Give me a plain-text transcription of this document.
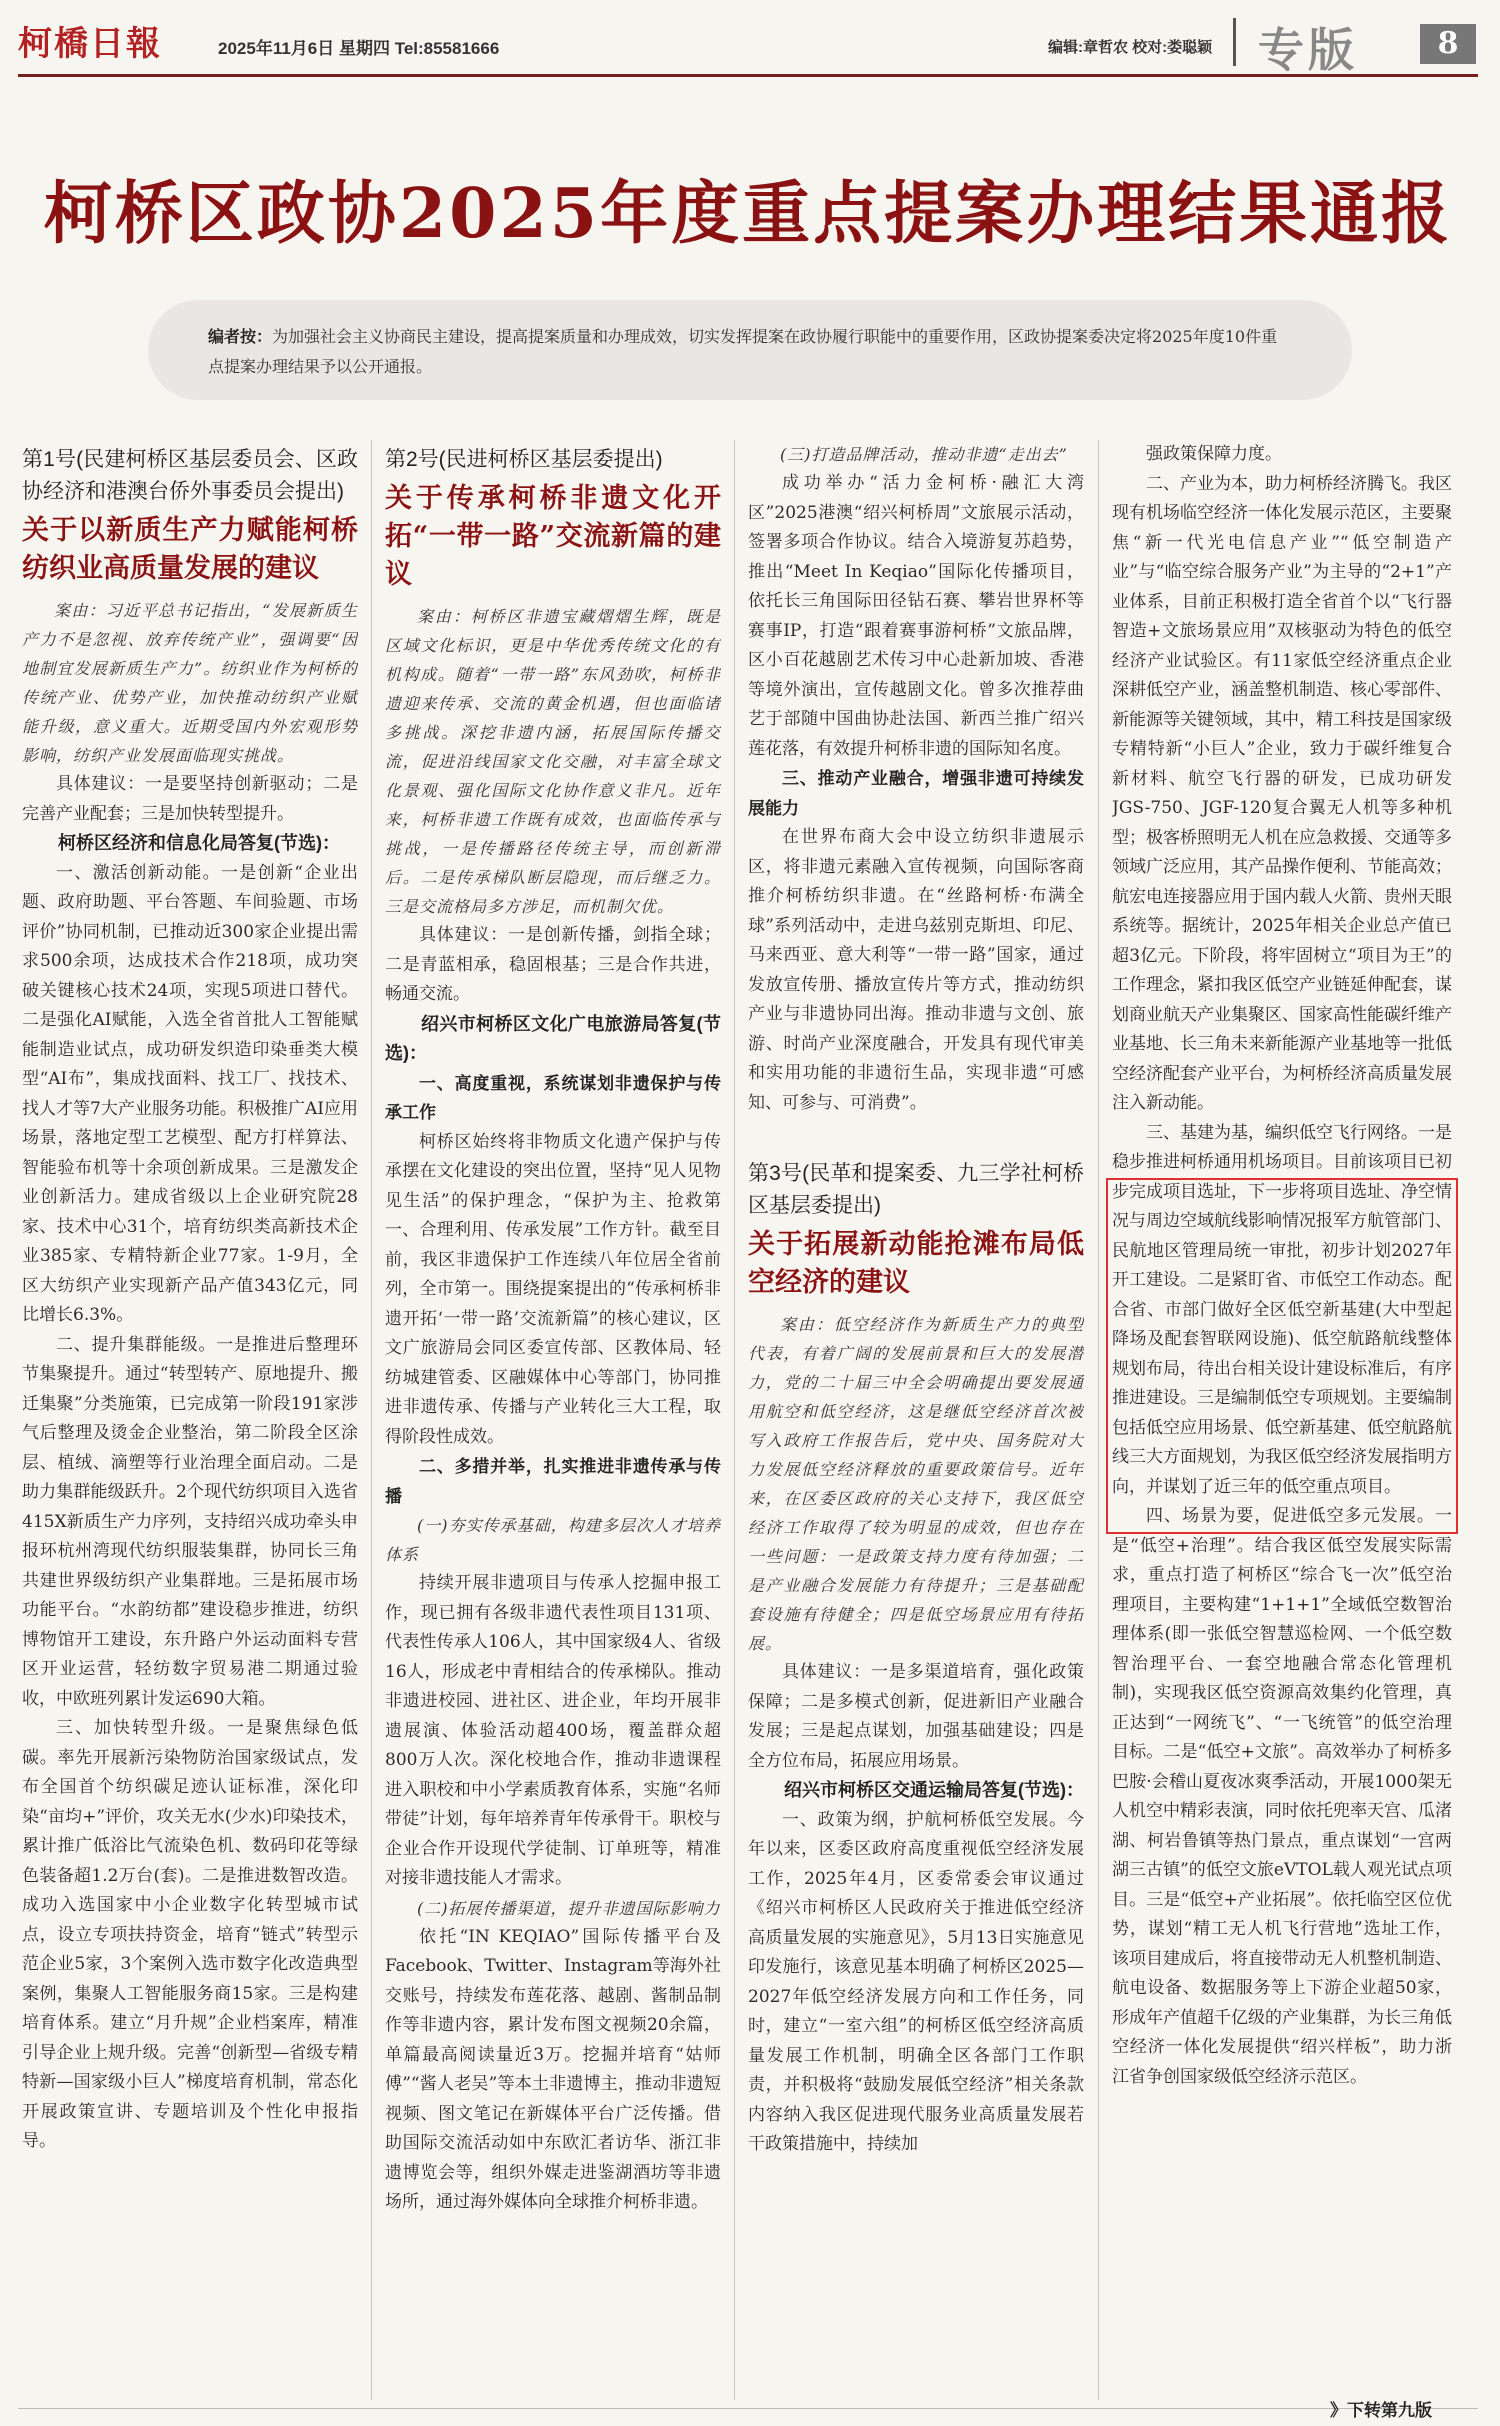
柯橋日報	2025年11月6日 星期四 Tel:85581666	编辑:章哲农 校对:娄聪颖 专版	8
柯桥区政协2025年度重点提案办理结果通报
编者按：为加强社会主义协商民主建设，提高提案质量和办理成效，切实发挥提案在政协履行职能中的重要作用，区政协提案委决定将2025年度10件重点提案办理结果予以公开通报。
第1号(民建柯桥区基层委员会、区政协经济和港澳台侨外事委员会提出)
关于以新质生产力赋能柯桥纺织业高质量发展的建议

案由：习近平总书记指出，“发展新质生产力不是忽视、放弃传统产业”，强调要“因地制宜发展新质生产力”。纺织业作为柯桥的传统产业、优势产业，加快推动纺织产业赋能升级，意义重大。近期受国内外宏观形势影响，纺织产业发展面临现实挑战。

具体建议：一是要坚持创新驱动；二是完善产业配套；三是加快转型提升。

柯桥区经济和信息化局答复(节选)：

一、激活创新动能。一是创新“企业出题、政府助题、平台答题、车间验题、市场评价”协同机制，已推动近300家企业提出需求500余项，达成技术合作218项，成功突破关键核心技术24项，实现5项进口替代。二是强化AI赋能，入选全省首批人工智能赋能制造业试点，成功研发织造印染垂类大模型“AI布”，集成找面料、找工厂、找技术、找人才等7大产业服务功能。积极推广AI应用场景，落地定型工艺模型、配方打样算法、智能验布机等十余项创新成果。三是激发企业创新活力。建成省级以上企业研究院28家、技术中心31个，培育纺织类高新技术企业385家、专精特新企业77家。1-9月，全区大纺织产业实现新产品产值343亿元，同比增长6.3%。

二、提升集群能级。一是推进后整理环节集聚提升。通过“转型转产、原地提升、搬迁集聚”分类施策，已完成第一阶段191家涉气后整理及烫金企业整治，第二阶段全区涂层、植绒、滴塑等行业治理全面启动。二是助力集群能级跃升。2个现代纺织项目入选省415X新质生产力序列，支持绍兴成功牵头申报环杭州湾现代纺织服装集群，协同长三角共建世界级纺织产业集群地。三是拓展市场功能平台。“水韵纺都”建设稳步推进，纺织博物馆开工建设，东升路户外运动面料专营区开业运营，轻纺数字贸易港二期通过验收，中欧班列累计发运690大箱。

三、加快转型升级。一是聚焦绿色低碳。率先开展新污染物防治国家级试点，发布全国首个纺织碳足迹认证标准，深化印染“亩均+”评价，攻关无水(少水)印染技术，累计推广低浴比气流染色机、数码印花等绿色装备超1.2万台(套)。二是推进数智改造。成功入选国家中小企业数字化转型城市试点，设立专项扶持资金，培育“链式”转型示范企业5家，3个案例入选市数字化改造典型案例，集聚人工智能服务商15家。三是构建培育体系。建立“月升规”企业档案库，精准引导企业上规升级。完善“创新型—省级专精特新—国家级小巨人”梯度培育机制，常态化开展政策宣讲、专题培训及个性化申报指导。

第2号(民进柯桥区基层委提出)
关于传承柯桥非遗文化开拓“一带一路”交流新篇的建议

案由：柯桥区非遗宝藏熠熠生辉，既是区域文化标识，更是中华优秀传统文化的有机构成。随着“一带一路”东风劲吹，柯桥非遗迎来传承、交流的黄金机遇，但也面临诸多挑战。深挖非遗内涵，拓展国际传播交流，促进沿线国家文化交融，对丰富全球文化景观、强化国际文化协作意义非凡。近年来，柯桥非遗工作既有成效，也面临传承与挑战，一是传播路径传统主导，而创新滞后。二是传承梯队断层隐现，而后继乏力。三是交流格局多方涉足，而机制欠优。

具体建议：一是创新传播，剑指全球；二是青蓝相承，稳固根基；三是合作共进，畅通交流。

绍兴市柯桥区文化广电旅游局答复(节选)：

一、高度重视，系统谋划非遗保护与传承工作

柯桥区始终将非物质文化遗产保护与传承摆在文化建设的突出位置，坚持“见人见物见生活”的保护理念，“保护为主、抢救第一、合理利用、传承发展”工作方针。截至目前，我区非遗保护工作连续八年位居全省前列，全市第一。围绕提案提出的“传承柯桥非遗开拓‘一带一路’交流新篇”的核心建议，区文广旅游局会同区委宣传部、区教体局、轻纺城建管委、区融媒体中心等部门，协同推进非遗传承、传播与产业转化三大工程，取得阶段性成效。

二、多措并举，扎实推进非遗传承与传播

(一)夯实传承基础，构建多层次人才培养体系

持续开展非遗项目与传承人挖掘申报工作，现已拥有各级非遗代表性项目131项、代表性传承人106人，其中国家级4人、省级16人，形成老中青相结合的传承梯队。推动非遗进校园、进社区、进企业，年均开展非遗展演、体验活动超400场，覆盖群众超800万人次。深化校地合作，推动非遗课程进入职校和中小学素质教育体系，实施“名师带徒”计划，每年培养青年传承骨干。职校与企业合作开设现代学徒制、订单班等，精准对接非遗技能人才需求。

(二)拓展传播渠道，提升非遗国际影响力

依托“IN KEQIAO”国际传播平台及Facebook、Twitter、Instagram等海外社交账号，持续发布莲花落、越剧、酱制品制作等非遗内容，累计发布图文视频20余篇，单篇最高阅读量近3万。挖掘并培育“姑师傅”“酱人老吴”等本土非遗博主，推动非遗短视频、图文笔记在新媒体平台广泛传播。借助国际交流活动如中东欧汇者访华、浙江非遗博览会等，组织外媒走进鉴湖酒坊等非遗场所，通过海外媒体向全球推介柯桥非遗。

(三)打造品牌活动，推动非遗“走出去”

成功举办“活力金柯桥·融汇大湾区”2025港澳“绍兴柯桥周”文旅展示活动，签署多项合作协议。结合入境游复苏趋势，推出“Meet In Keqiao”国际化传播项目，依托长三角国际田径钻石赛、攀岩世界杯等赛事IP，打造“跟着赛事游柯桥”文旅品牌，区小百花越剧艺术传习中心赴新加坡、香港等境外演出，宣传越剧文化。曾多次推荐曲艺于部随中国曲协赴法国、新西兰推广绍兴莲花落，有效提升柯桥非遗的国际知名度。

三、推动产业融合，增强非遗可持续发展能力

在世界布商大会中设立纺织非遗展示区，将非遗元素融入宣传视频，向国际客商推介柯桥纺织非遗。在“丝路柯桥·布满全球”系列活动中，走进乌兹别克斯坦、印尼、马来西亚、意大利等“一带一路”国家，通过发放宣传册、播放宣传片等方式，推动纺织产业与非遗协同出海。推动非遗与文创、旅游、时尚产业深度融合，开发具有现代审美和实用功能的非遗衍生品，实现非遗“可感知、可参与、可消费”。

第3号(民革和提案委、九三学社柯桥区基层委提出)
关于拓展新动能抢滩布局低空经济的建议

案由：低空经济作为新质生产力的典型代表，有着广阔的发展前景和巨大的发展潜力，党的二十届三中全会明确提出要发展通用航空和低空经济，这是继低空经济首次被写入政府工作报告后，党中央、国务院对大力发展低空经济释放的重要政策信号。近年来，在区委区政府的关心支持下，我区低空经济工作取得了较为明显的成效，但也存在一些问题：一是政策支持力度有待加强；二是产业融合发展能力有待提升；三是基础配套设施有待健全；四是低空场景应用有待拓展。

具体建议：一是多渠道培育，强化政策保障；二是多模式创新，促进新旧产业融合发展；三是起点谋划，加强基础建设；四是全方位布局，拓展应用场景。

绍兴市柯桥区交通运输局答复(节选)：

一、政策为纲，护航柯桥低空发展。今年以来，区委区政府高度重视低空经济发展工作，2025年4月，区委常委会审议通过《绍兴市柯桥区人民政府关于推进低空经济高质量发展的实施意见》，5月13日实施意见印发施行，该意见基本明确了柯桥区2025—2027年低空经济发展方向和工作任务，同时，建立“一室六组”的柯桥区低空经济高质量发展工作机制，明确全区各部门工作职责，并积极将“鼓励发展低空经济”相关条款内容纳入我区促进现代服务业高质量发展若干政策措施中，持续加

强政策保障力度。

二、产业为本，助力柯桥经济腾飞。我区现有机场临空经济一体化发展示范区，主要聚焦“新一代光电信息产业”“低空制造产业”与“临空综合服务产业”为主导的“2+1”产业体系，目前正积极打造全省首个以“飞行器智造+文旅场景应用”双核驱动为特色的低空经济产业试验区。有11家低空经济重点企业深耕低空产业，涵盖整机制造、核心零部件、新能源等关键领域，其中，精工科技是国家级专精特新“小巨人”企业，致力于碳纤维复合新材料、航空飞行器的研发，已成功研发JGS-750、JGF-120复合翼无人机等多种机型；极客桥照明无人机在应急救援、交通等多领域广泛应用，其产品操作便利、节能高效；航宏电连接器应用于国内载人火箭、贵州天眼系统等。据统计，2025年相关企业总产值已超3亿元。下阶段，将牢固树立“项目为王”的工作理念，紧扣我区低空产业链延伸配套，谋划商业航天产业集聚区、国家高性能碳纤维产业基地、长三角未来新能源产业基地等一批低空经济配套产业平台，为柯桥经济高质量发展注入新动能。

三、基建为基，编织低空飞行网络。一是稳步推进柯桥通用机场项目。目前该项目已初步完成项目选址，下一步将项目选址、净空情况与周边空域航线影响情况报军方航管部门、民航地区管理局统一审批，初步计划2027年开工建设。二是紧盯省、市低空工作动态。配合省、市部门做好全区低空新基建(大中型起降场及配套智联网设施)、低空航路航线整体规划布局，待出台相关设计建设标准后，有序推进建设。三是编制低空专项规划。主要编制包括低空应用场景、低空新基建、低空航路航线三大方面规划，为我区低空经济发展指明方向，并谋划了近三年的低空重点项目。

四、场景为要，促进低空多元发展。一是“低空+治理”。结合我区低空发展实际需求，重点打造了柯桥区“综合飞一次”低空治理项目，主要构建“1+1+1”全域低空数智治理体系(即一张低空智慧巡检网、一个低空数智治理平台、一套空地融合常态化管理机制)，实现我区低空资源高效集约化管理，真正达到“一网统飞”、“一飞统管”的低空治理目标。二是“低空+文旅”。高效举办了柯桥多巴胺·会稽山夏夜冰爽季活动，开展1000架无人机空中精彩表演，同时依托兜率天宫、瓜渚湖、柯岩鲁镇等热门景点，重点谋划“一宫两湖三古镇”的低空文旅eVTOL载人观光试点项目。三是“低空+产业拓展”。依托临空区位优势，谋划“精工无人机飞行营地”选址工作，该项目建成后，将直接带动无人机整机制造、航电设备、数据服务等上下游企业超50家，形成年产值超千亿级的产业集群，为长三角低空经济一体化发展提供“绍兴样板”，助力浙江省争创国家级低空经济示范区。

》下转第九版
